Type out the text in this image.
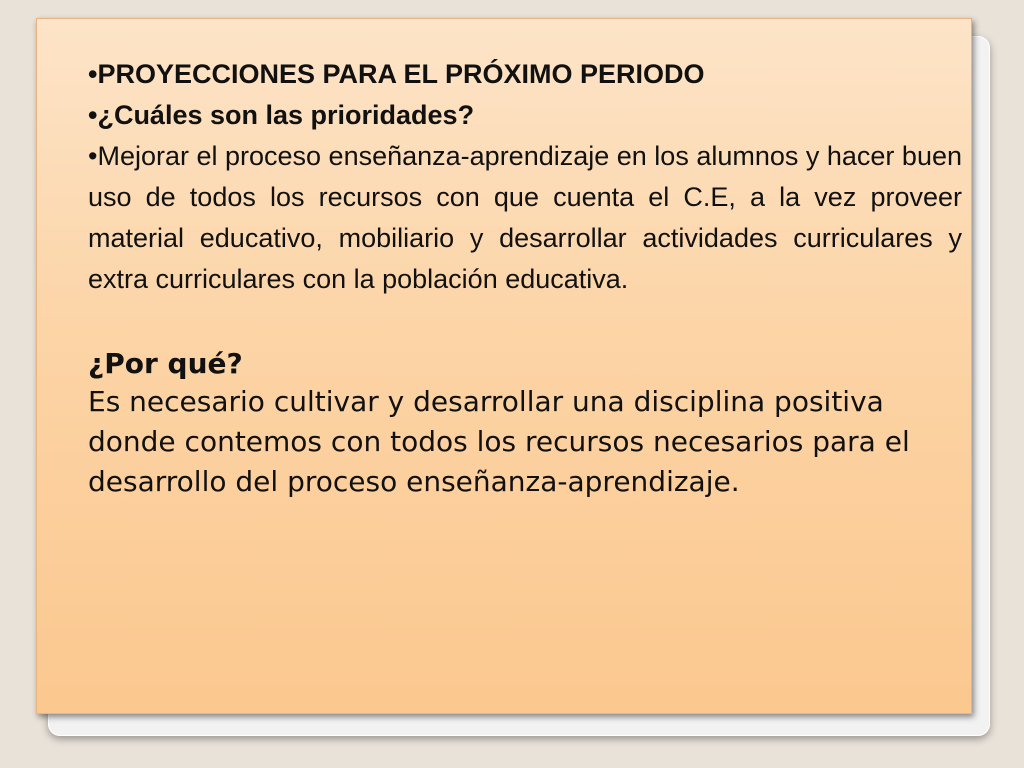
•PROYECCIONES PARA EL PRÓXIMO PERIODO

•¿Cuáles son las prioridades?

•Mejorar el proceso enseñanza-aprendizaje en los alumnos y hacer buen uso de todos los recursos con que cuenta el C.E, a la vez proveer material educativo, mobiliario y desarrollar actividades curriculares y extra curriculares con la población educativa.

¿Por qué?

Es necesario cultivar y desarrollar una disciplina positiva donde contemos con todos los recursos necesarios para el desarrollo del proceso enseñanza-aprendizaje.
